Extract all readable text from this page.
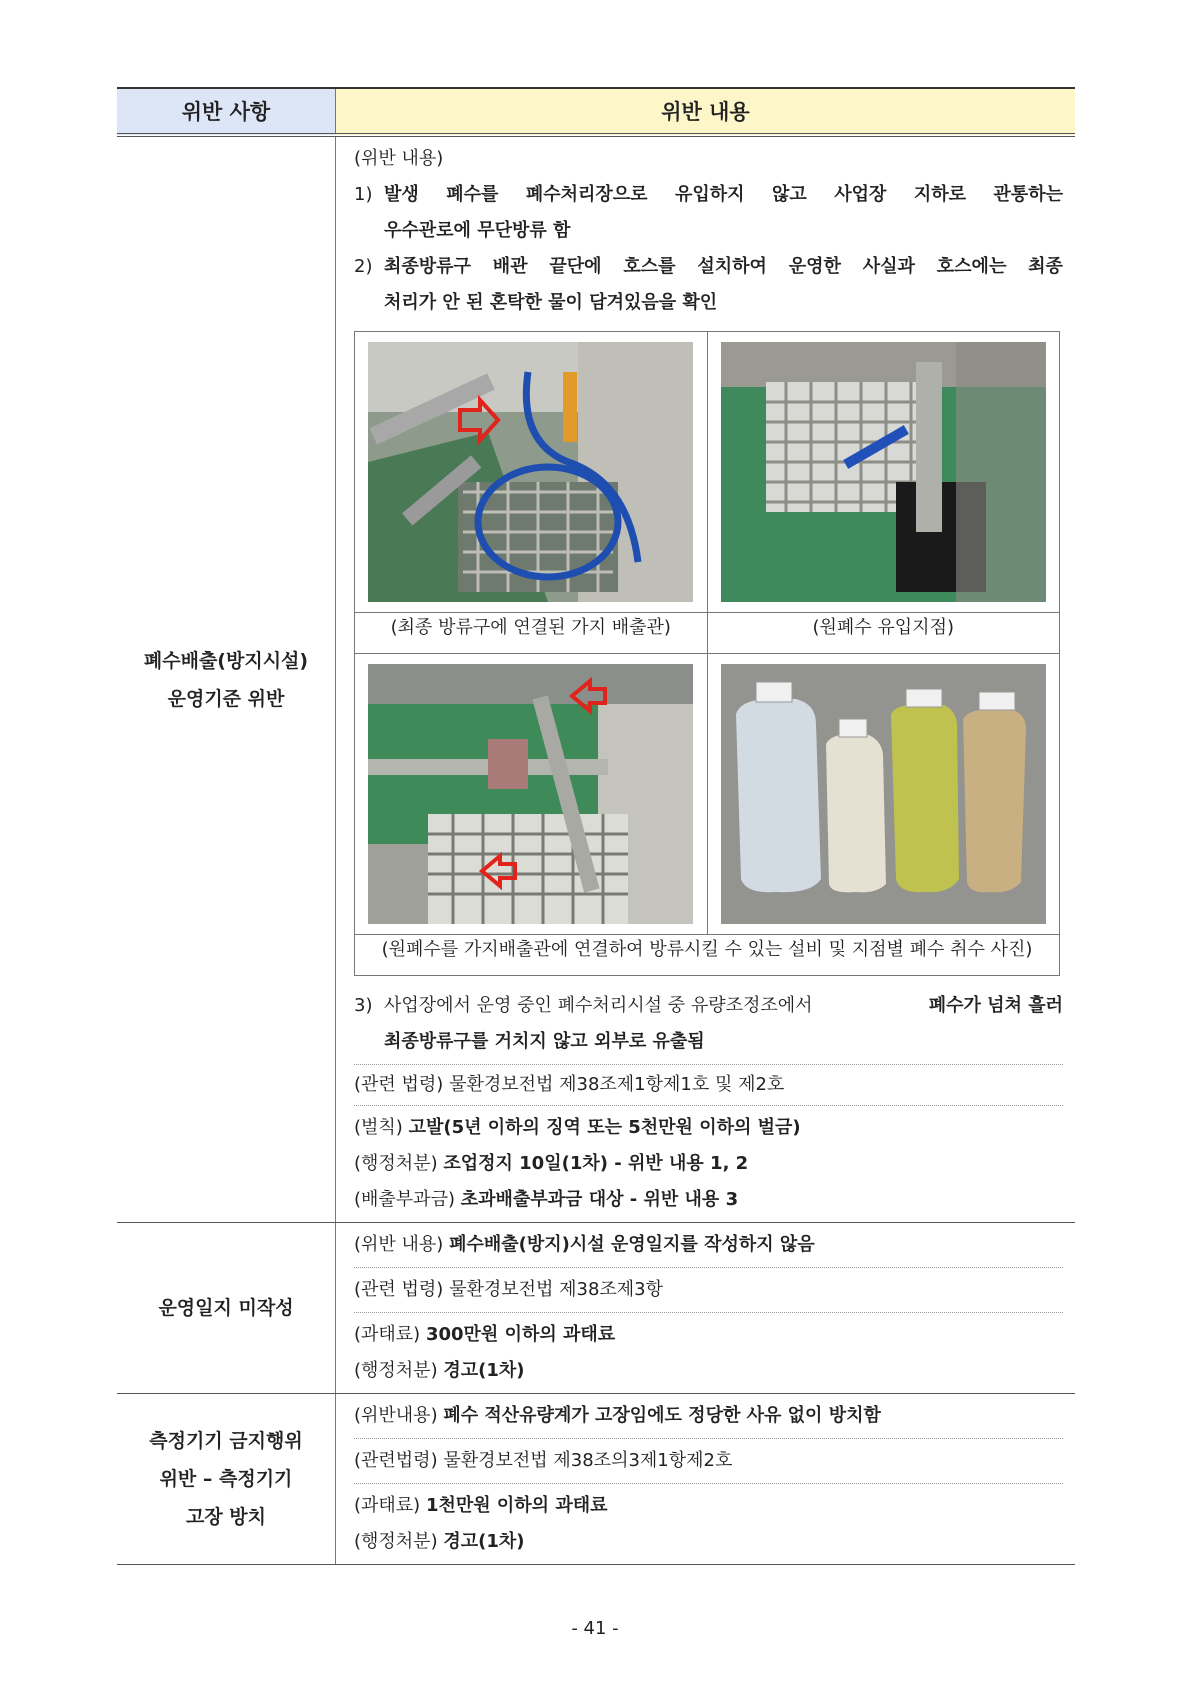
위반 사항	위반 내용

폐수배출(방지시설)
운영기준 위반

(위반 내용)
1) 발생 폐수를 폐수처리장으로 유입하지 않고 사업장 지하로 관통하는
우수관로에 무단방류 함
2) 최종방류구 배관 끝단에 호스를 설치하여 운영한 사실과 호스에는 최종
처리가 안 된 혼탁한 물이 담겨있음을 확인

(최종 방류구에 연결된 가지 배출관)	(원폐수 유입지점)

(원폐수를 가지배출관에 연결하여 방류시킬 수 있는 설비 및 지점별 폐수 취수 사진)
3) 사업장에서 운영 중인 폐수처리시설 중 유량조정조에서	폐수가 넘쳐 흘러
최종방류구를 거치지 않고 외부로 유출됨
(관련 법령) 물환경보전법 제38조제1항제1호 및 제2호
(벌칙) 고발(5년 이하의 징역 또는 5천만원 이하의 벌금)
(행정처분) 조업정지 10일(1차) - 위반 내용 1, 2
(배출부과금) 초과배출부과금 대상 - 위반 내용 3

운영일지 미작성	
(위반 내용) 폐수배출(방지)시설 운영일지를 작성하지 않음
(관련 법령) 물환경보전법 제38조제3항
(과태료) 300만원 이하의 과태료
(행정처분) 경고(1차)

측정기기 금지행위
위반 – 측정기기
고장 방치

(위반내용) 폐수 적산유량계가 고장임에도 정당한 사유 없이 방치함
(관련법령) 물환경보전법 제38조의3제1항제2호
(과태료) 1천만원 이하의 과태료
(행정처분) 경고(1차)
- 41 -
